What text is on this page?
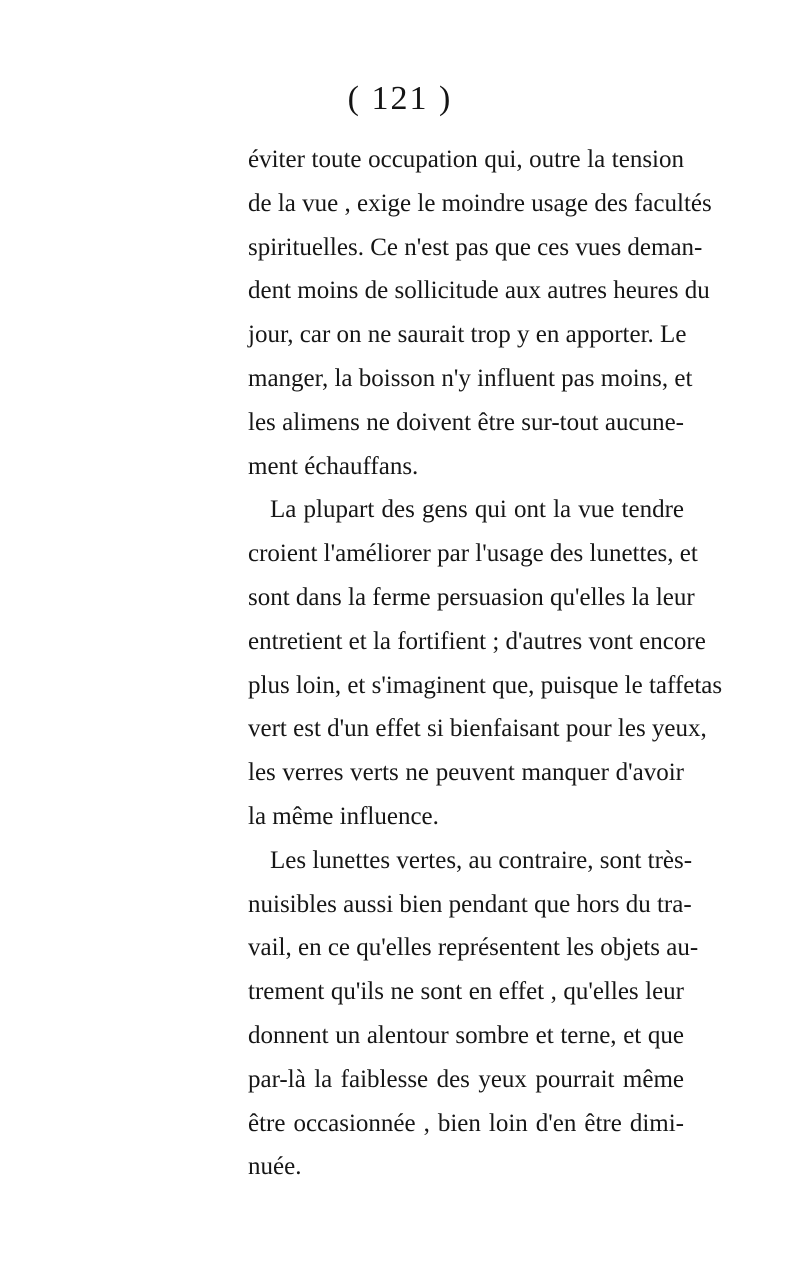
( 121 )
éviter toute occupation qui, outre la tension
de la vue , exige le moindre usage des facultés
spirituelles. Ce n'est pas que ces vues deman-
dent moins de sollicitude aux autres heures du
jour, car on ne saurait trop y en apporter. Le
manger, la boisson n'y influent pas moins, et
les alimens ne doivent être sur-tout aucune-
ment échauffans.
La plupart des gens qui ont la vue tendre
croient l'améliorer par l'usage des lunettes, et
sont dans la ferme persuasion qu'elles la leur
entretient et la fortifient ; d'autres vont encore
plus loin, et s'imaginent que, puisque le taffetas
vert est d'un effet si bienfaisant pour les yeux,
les verres verts ne peuvent manquer d'avoir
la même influence.
Les lunettes vertes, au contraire, sont très-
nuisibles aussi bien pendant que hors du tra-
vail, en ce qu'elles représentent les objets au-
trement qu'ils ne sont en effet , qu'elles leur
donnent un alentour sombre et terne, et que
par-là la faiblesse des yeux pourrait même
être occasionnée , bien loin d'en être dimi-
nuée.
